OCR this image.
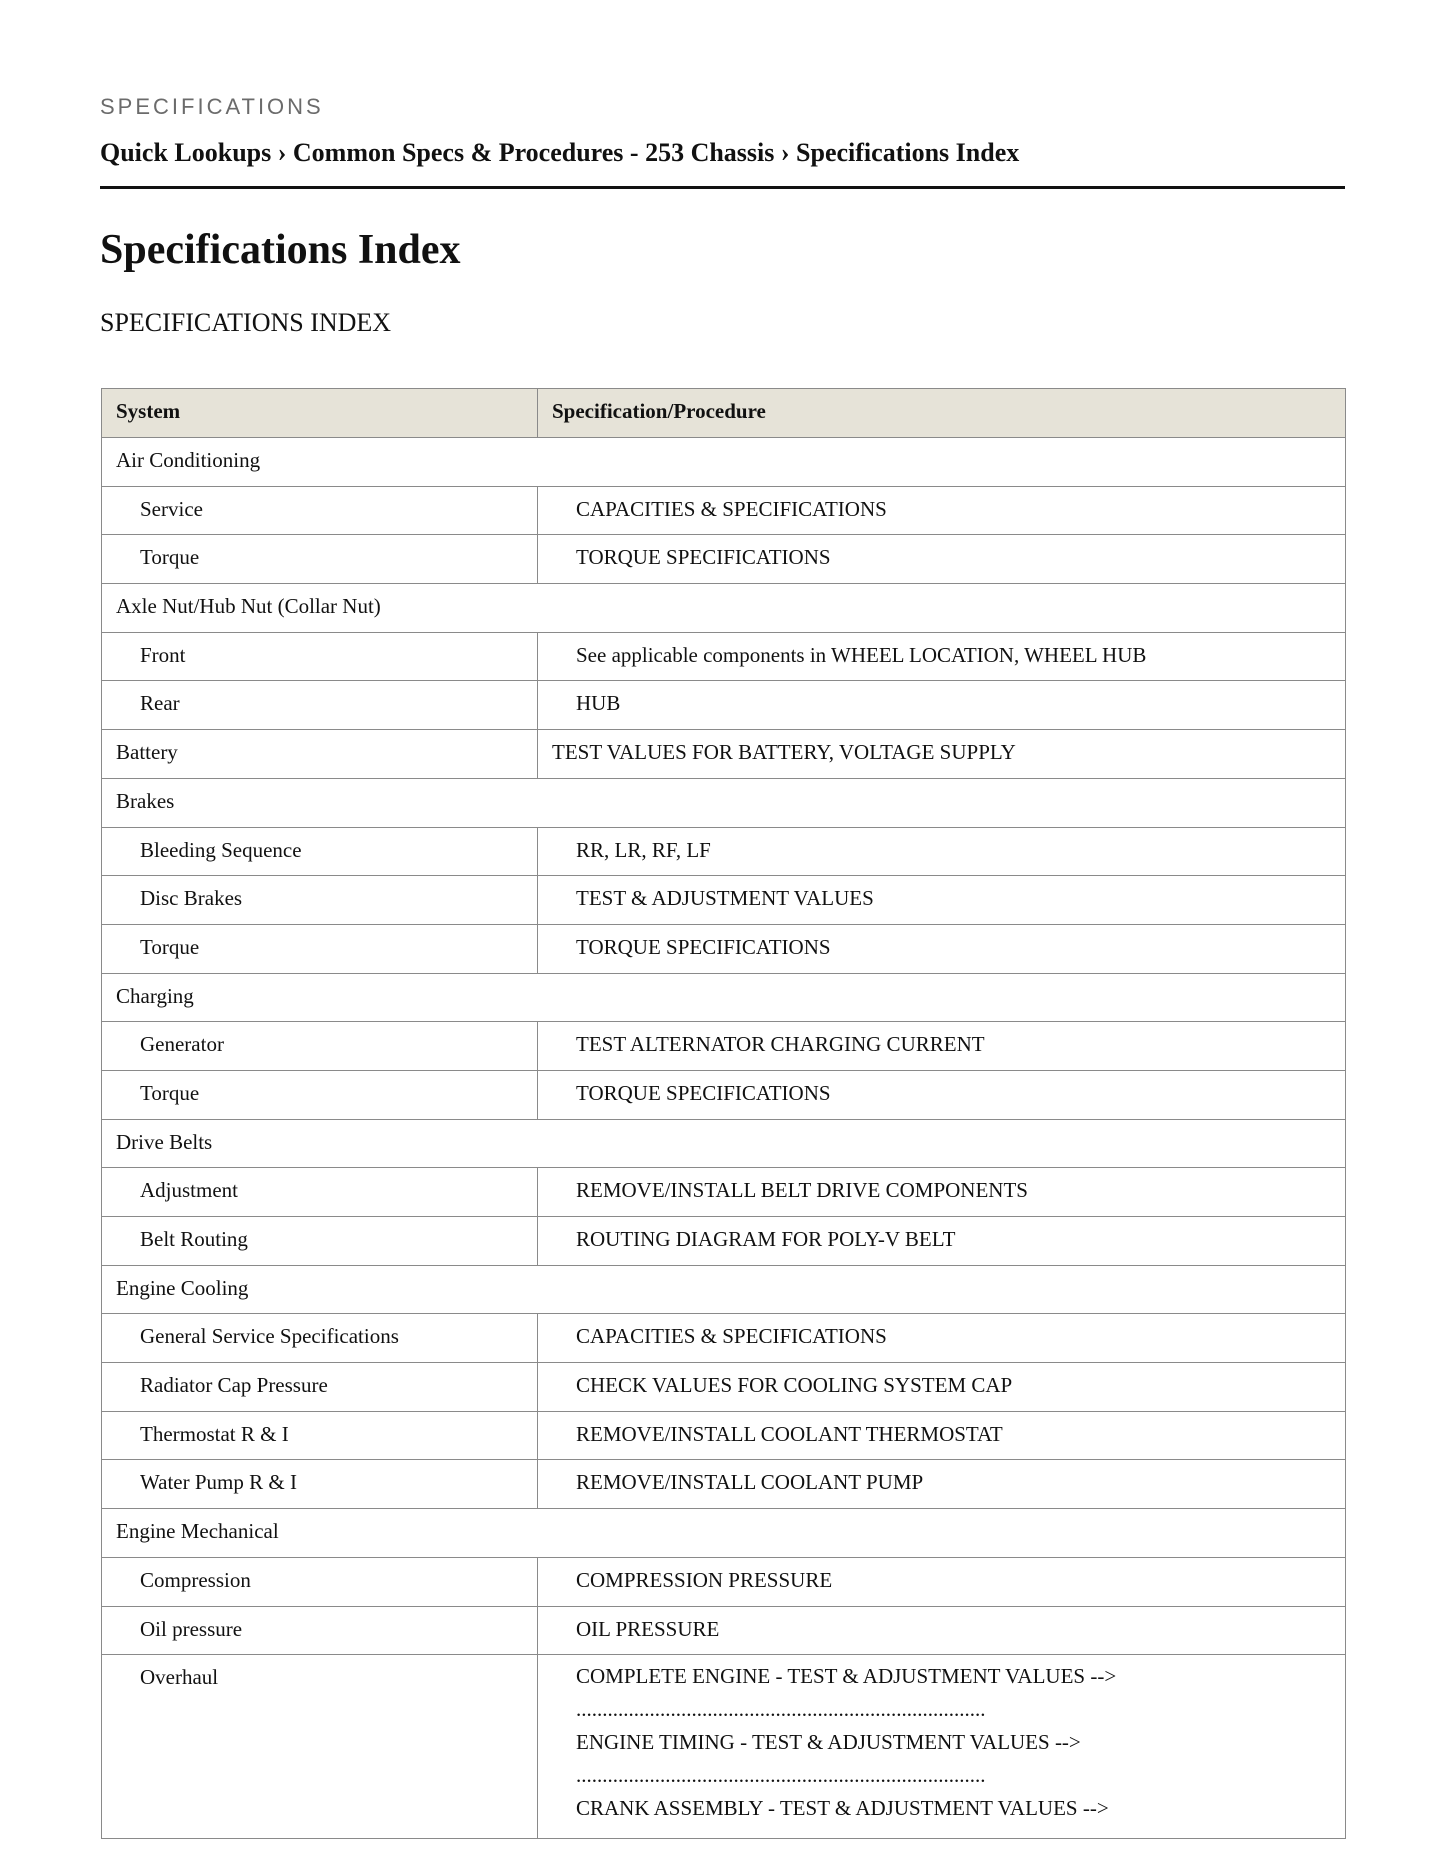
SPECIFICATIONS
Quick Lookups › Common Specs & Procedures - 253 Chassis › Specifications Index
Specifications Index
SPECIFICATIONS INDEX
System	Specification/Procedure
Air Conditioning	
Service	CAPACITIES & SPECIFICATIONS
Torque	TORQUE SPECIFICATIONS
Axle Nut/Hub Nut (Collar Nut)	
Front	See applicable components in WHEEL LOCATION, WHEEL HUB
Rear	HUB
Battery	TEST VALUES FOR BATTERY, VOLTAGE SUPPLY
Brakes	
Bleeding Sequence	RR, LR, RF, LF
Disc Brakes	TEST & ADJUSTMENT VALUES
Torque	TORQUE SPECIFICATIONS
Charging	
Generator	TEST ALTERNATOR CHARGING CURRENT
Torque	TORQUE SPECIFICATIONS
Drive Belts	
Adjustment	REMOVE/INSTALL BELT DRIVE COMPONENTS
Belt Routing	ROUTING DIAGRAM FOR POLY-V BELT
Engine Cooling	
General Service Specifications	CAPACITIES & SPECIFICATIONS
Radiator Cap Pressure	CHECK VALUES FOR COOLING SYSTEM CAP
Thermostat R & I	REMOVE/INSTALL COOLANT THERMOSTAT
Water Pump R & I	REMOVE/INSTALL COOLANT PUMP
Engine Mechanical	
Compression	COMPRESSION PRESSURE
Oil pressure	OIL PRESSURE
Overhaul	COMPLETE ENGINE - TEST & ADJUSTMENT VALUES -->
..............................................................................
ENGINE TIMING - TEST & ADJUSTMENT VALUES -->
..............................................................................
CRANK ASSEMBLY - TEST & ADJUSTMENT VALUES -->
